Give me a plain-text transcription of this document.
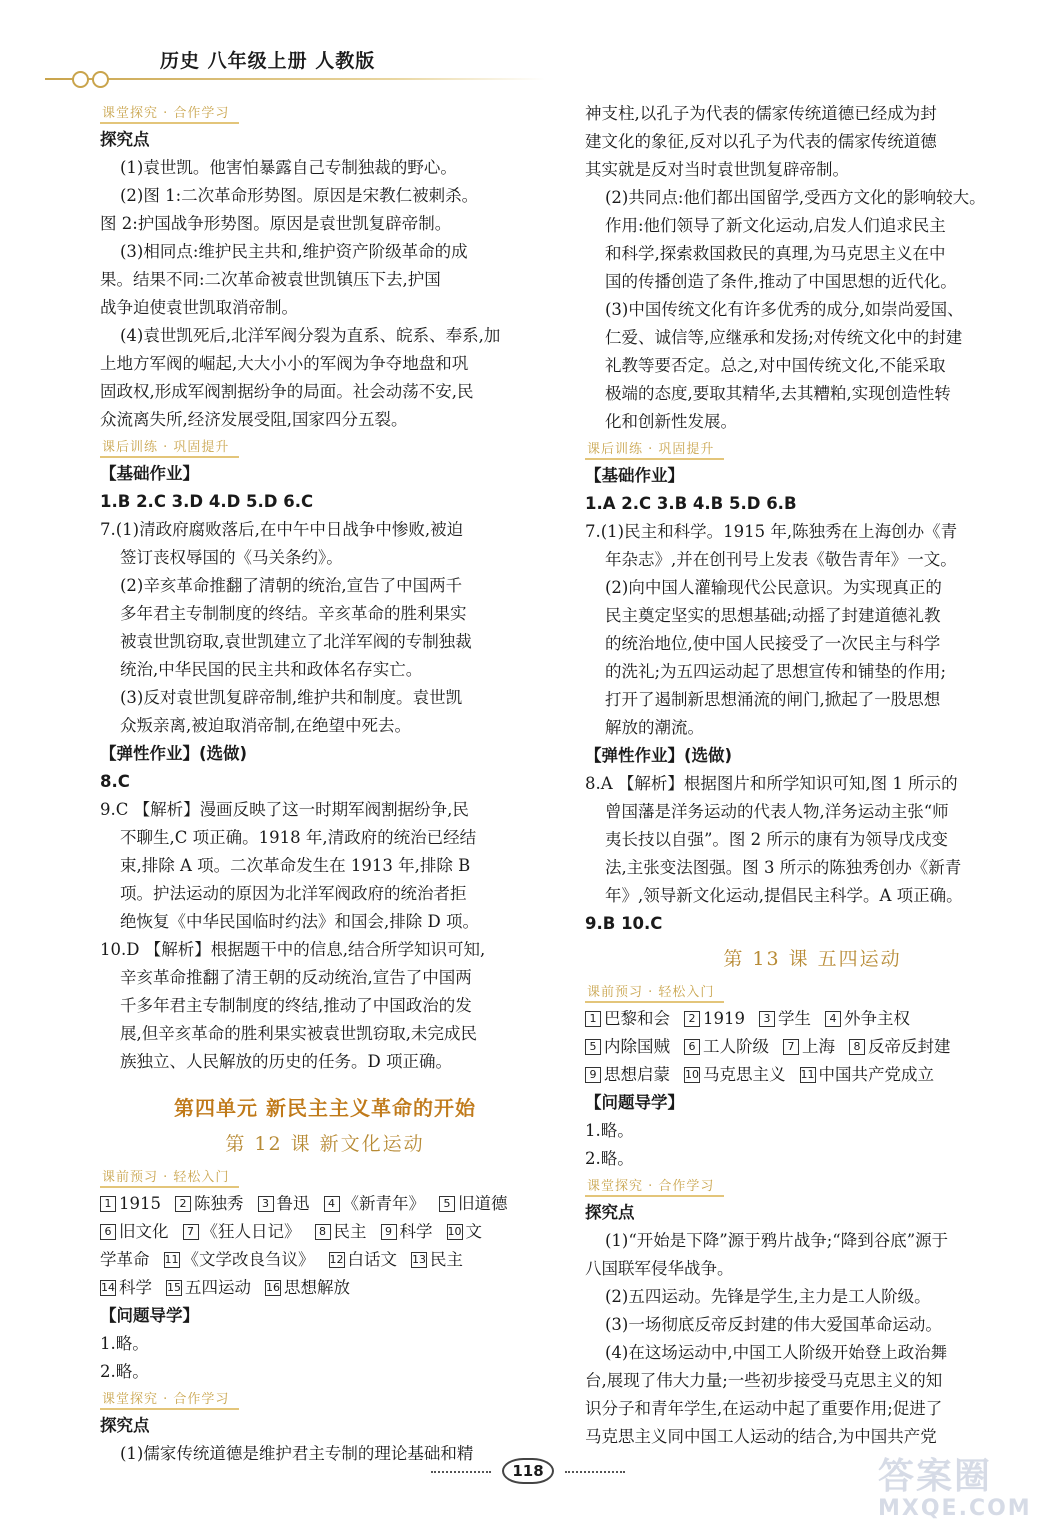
历史 八年级上册 人教版
课堂探究 · 合作学习
探究点
(1)袁世凯。他害怕暴露自己专制独裁的野心。
(2)图 1:二次革命形势图。原因是宋教仁被刺杀。
图 2:护国战争形势图。原因是袁世凯复辟帝制。
(3)相同点:维护民主共和,维护资产阶级革命的成
果。结果不同:二次革命被袁世凯镇压下去,护国
战争迫使袁世凯取消帝制。
(4)袁世凯死后,北洋军阀分裂为直系、皖系、奉系,加
上地方军阀的崛起,大大小小的军阀为争夺地盘和巩
固政权,形成军阀割据纷争的局面。社会动荡不安,民
众流离失所,经济发展受阻,国家四分五裂。
课后训练 · 巩固提升
【基础作业】
1.B 2.C 3.D 4.D 5.D 6.C
7.(1)清政府腐败落后,在中午中日战争中惨败,被迫
签订丧权辱国的《马关条约》。
(2)辛亥革命推翻了清朝的统治,宣告了中国两千
多年君主专制制度的终结。辛亥革命的胜利果实
被袁世凯窃取,袁世凯建立了北洋军阀的专制独裁
统治,中华民国的民主共和政体名存实亡。
(3)反对袁世凯复辟帝制,维护共和制度。袁世凯
众叛亲离,被迫取消帝制,在绝望中死去。
【弹性作业】(选做)
8.C
9.C 【解析】漫画反映了这一时期军阀割据纷争,民
不聊生,C 项正确。1918 年,清政府的统治已经结
束,排除 A 项。二次革命发生在 1913 年,排除 B
项。护法运动的原因为北洋军阀政府的统治者拒
绝恢复《中华民国临时约法》和国会,排除 D 项。
10.D 【解析】根据题干中的信息,结合所学知识可知,
辛亥革命推翻了清王朝的反动统治,宣告了中国两
千多年君主专制制度的终结,推动了中国政治的发
展,但辛亥革命的胜利果实被袁世凯窃取,未完成民
族独立、人民解放的历史的任务。D 项正确。
第四单元 新民主主义革命的开始
第 12 课 新文化运动
课前预习 · 轻松入门
1 1915 2 陈独秀 3 鲁迅 4 《新青年》 5 旧道德
6 旧文化 7 《狂人日记》 8 民主 9 科学 10 文
学革命 11 《文学改良刍议》 12 白话文 13 民主
14 科学 15 五四运动 16 思想解放
【问题导学】
1.略。
2.略。
课堂探究 · 合作学习
探究点
(1)儒家传统道德是维护君主专制的理论基础和精
神支柱,以孔子为代表的儒家传统道德已经成为封
建文化的象征,反对以孔子为代表的儒家传统道德
其实就是反对当时袁世凯复辟帝制。
(2)共同点:他们都出国留学,受西方文化的影响较大。
作用:他们领导了新文化运动,启发人们追求民主
和科学,探索救国救民的真理,为马克思主义在中
国的传播创造了条件,推动了中国思想的近代化。
(3)中国传统文化有许多优秀的成分,如崇尚爱国、
仁爱、诚信等,应继承和发扬;对传统文化中的封建
礼教等要否定。总之,对中国传统文化,不能采取
极端的态度,要取其精华,去其糟粕,实现创造性转
化和创新性发展。
课后训练 · 巩固提升
【基础作业】
1.A 2.C 3.B 4.B 5.D 6.B
7.(1)民主和科学。1915 年,陈独秀在上海创办《青
年杂志》,并在创刊号上发表《敬告青年》一文。
(2)向中国人灌输现代公民意识。为实现真正的
民主奠定坚实的思想基础;动摇了封建道德礼教
的统治地位,使中国人民接受了一次民主与科学
的洗礼;为五四运动起了思想宣传和铺垫的作用;
打开了遏制新思想涌流的闸门,掀起了一股思想
解放的潮流。
【弹性作业】(选做)
8.A 【解析】根据图片和所学知识可知,图 1 所示的
曾国藩是洋务运动的代表人物,洋务运动主张“师
夷长技以自强”。图 2 所示的康有为领导戊戌变
法,主张变法图强。图 3 所示的陈独秀创办《新青
年》,领导新文化运动,提倡民主科学。A 项正确。
9.B 10.C
第 13 课 五四运动
课前预习 · 轻松入门
1 巴黎和会 2 1919 3 学生 4 外争主权
5 内除国贼 6 工人阶级 7 上海 8 反帝反封建
9 思想启蒙 10 马克思主义 11 中国共产党成立
【问题导学】
1.略。
2.略。
课堂探究 · 合作学习
探究点
(1)“开始是下降”源于鸦片战争;“降到谷底”源于
八国联军侵华战争。
(2)五四运动。先锋是学生,主力是工人阶级。
(3)一场彻底反帝反封建的伟大爱国革命运动。
(4)在这场运动中,中国工人阶级开始登上政治舞
台,展现了伟大力量;一些初步接受马克思主义的知
识分子和青年学生,在运动中起了重要作用;促进了
马克思主义同中国工人运动的结合,为中国共产党
118	答案圈
MXQE.COM
